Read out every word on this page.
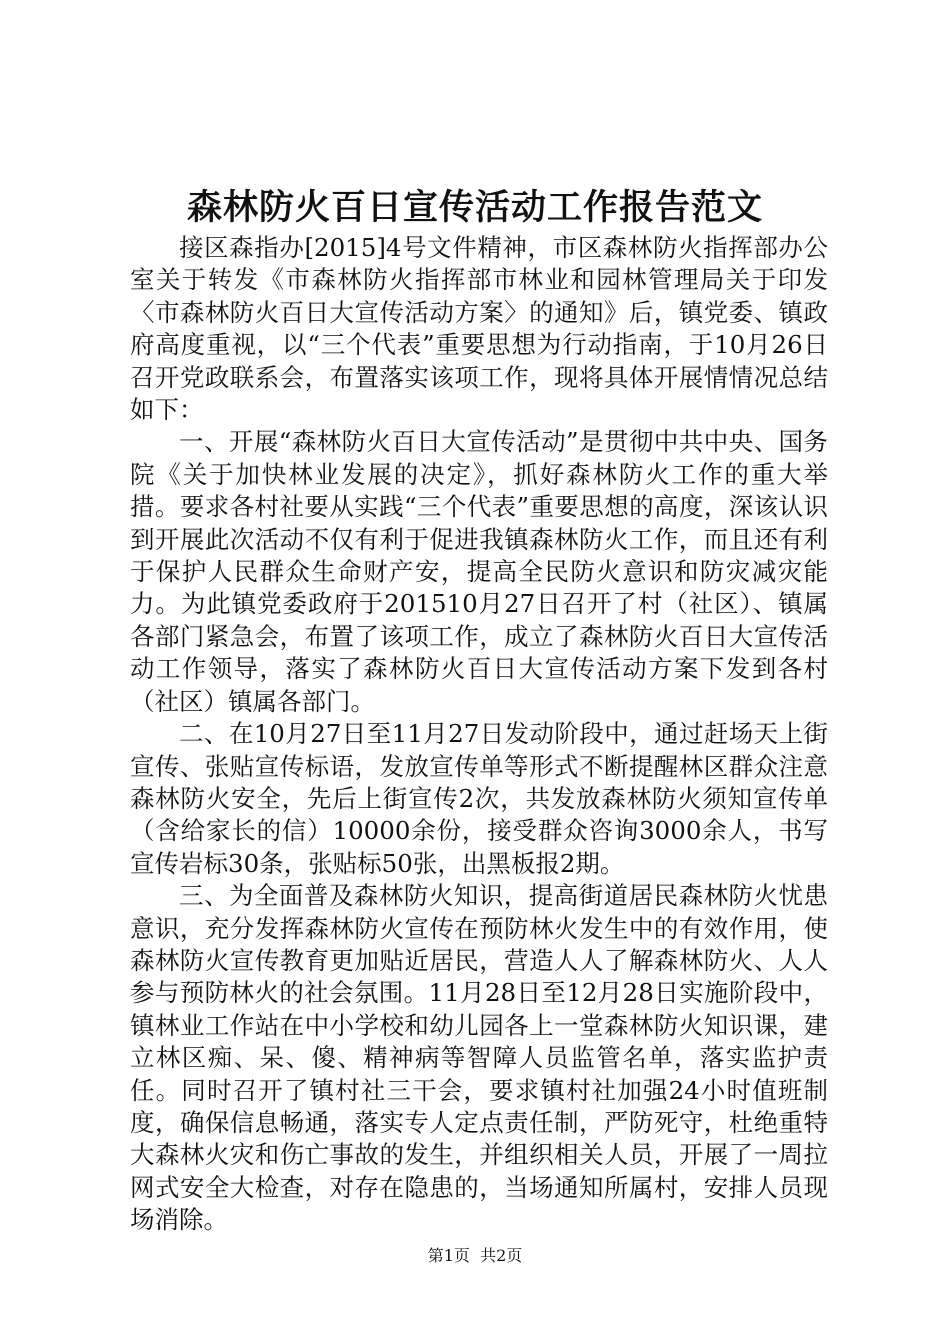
森林防火百日宣传活动工作报告范文

接区森指办[2015]4号文件精神，市区森林防火指挥部办公室关于转发《市森林防火指挥部市林业和园林管理局关于印发〈市森林防火百日大宣传活动方案〉的通知》后，镇党委、镇政府高度重视，以“三个代表”重要思想为行动指南，于10月26日召开党政联系会，布置落实该项工作，现将具体开展情情况总结如下：

一、开展“森林防火百日大宣传活动”是贯彻中共中央、国务院《关于加快林业发展的决定》，抓好森林防火工作的重大举措。要求各村社要从实践“三个代表”重要思想的高度，深该认识到开展此次活动不仅有利于促进我镇森林防火工作，而且还有利于保护人民群众生命财产安，提高全民防火意识和防灾减灾能力。为此镇党委政府于201510月27日召开了村（社区）、镇属各部门紧急会，布置了该项工作，成立了森林防火百日大宣传活动工作领导，落实了森林防火百日大宣传活动方案下发到各村（社区）镇属各部门。

二、在10月27日至11月27日发动阶段中，通过赶场天上街宣传、张贴宣传标语，发放宣传单等形式不断提醒林区群众注意森林防火安全，先后上街宣传2次，共发放森林防火须知宣传单（含给家长的信）10000余份，接受群众咨询3000余人，书写宣传岩标30条，张贴标50张，出黑板报2期。

三、为全面普及森林防火知识，提高街道居民森林防火忧患意识，充分发挥森林防火宣传在预防林火发生中的有效作用，使森林防火宣传教育更加贴近居民，营造人人了解森林防火、人人参与预防林火的社会氛围。11月28日至12月28日实施阶段中，镇林业工作站在中小学校和幼儿园各上一堂森林防火知识课，建立林区痴、呆、傻、精神病等智障人员监管名单，落实监护责任。同时召开了镇村社三干会，要求镇村社加强24小时值班制度，确保信息畅通，落实专人定点责任制，严防死守，杜绝重特大森林火灾和伤亡事故的发生，并组织相关人员，开展了一周拉网式安全大检查，对存在隐患的，当场通知所属村，安排人员现场消除。

第1页 共2页
